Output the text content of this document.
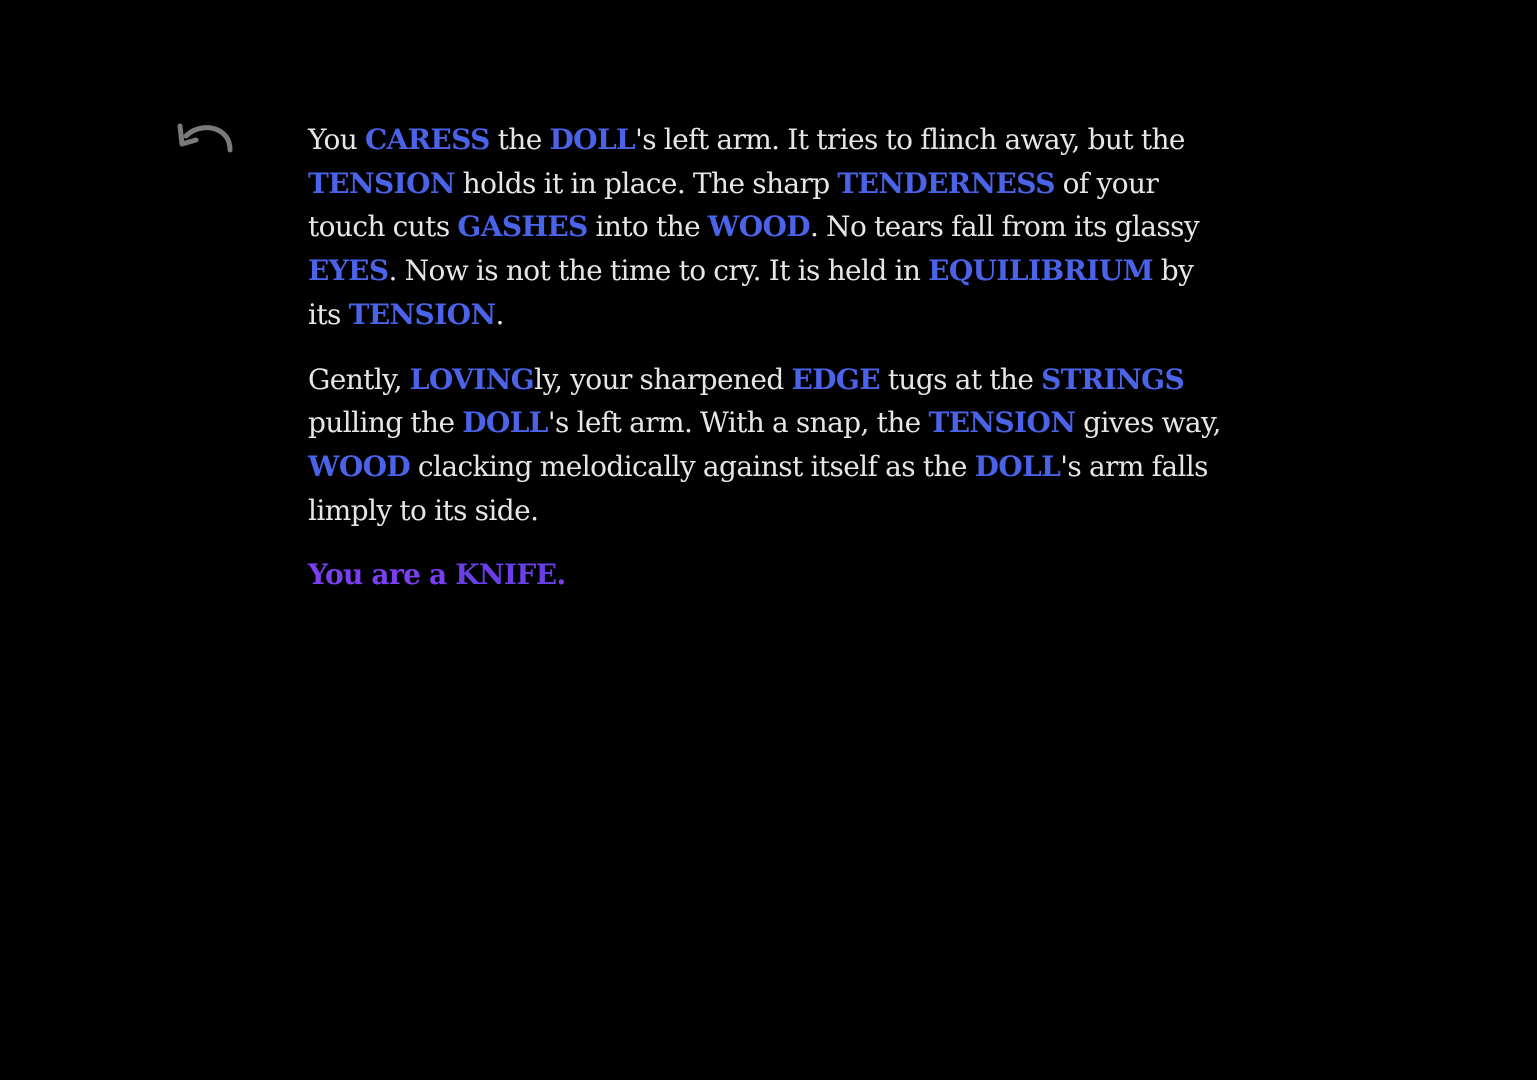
You CARESS the DOLL's left arm. It tries to flinch away, but the TENSION holds it in place. The sharp TENDERNESS of your touch cuts GASHES into the WOOD. No tears fall from its glassy EYES. Now is not the time to cry. It is held in EQUILIBRIUM by its TENSION.

Gently, LOVINGly, your sharpened EDGE tugs at the STRINGS pulling the DOLL's left arm. With a snap, the TENSION gives way, WOOD clacking melodically against itself as the DOLL's arm falls limply to its side.

You are a KNIFE.
